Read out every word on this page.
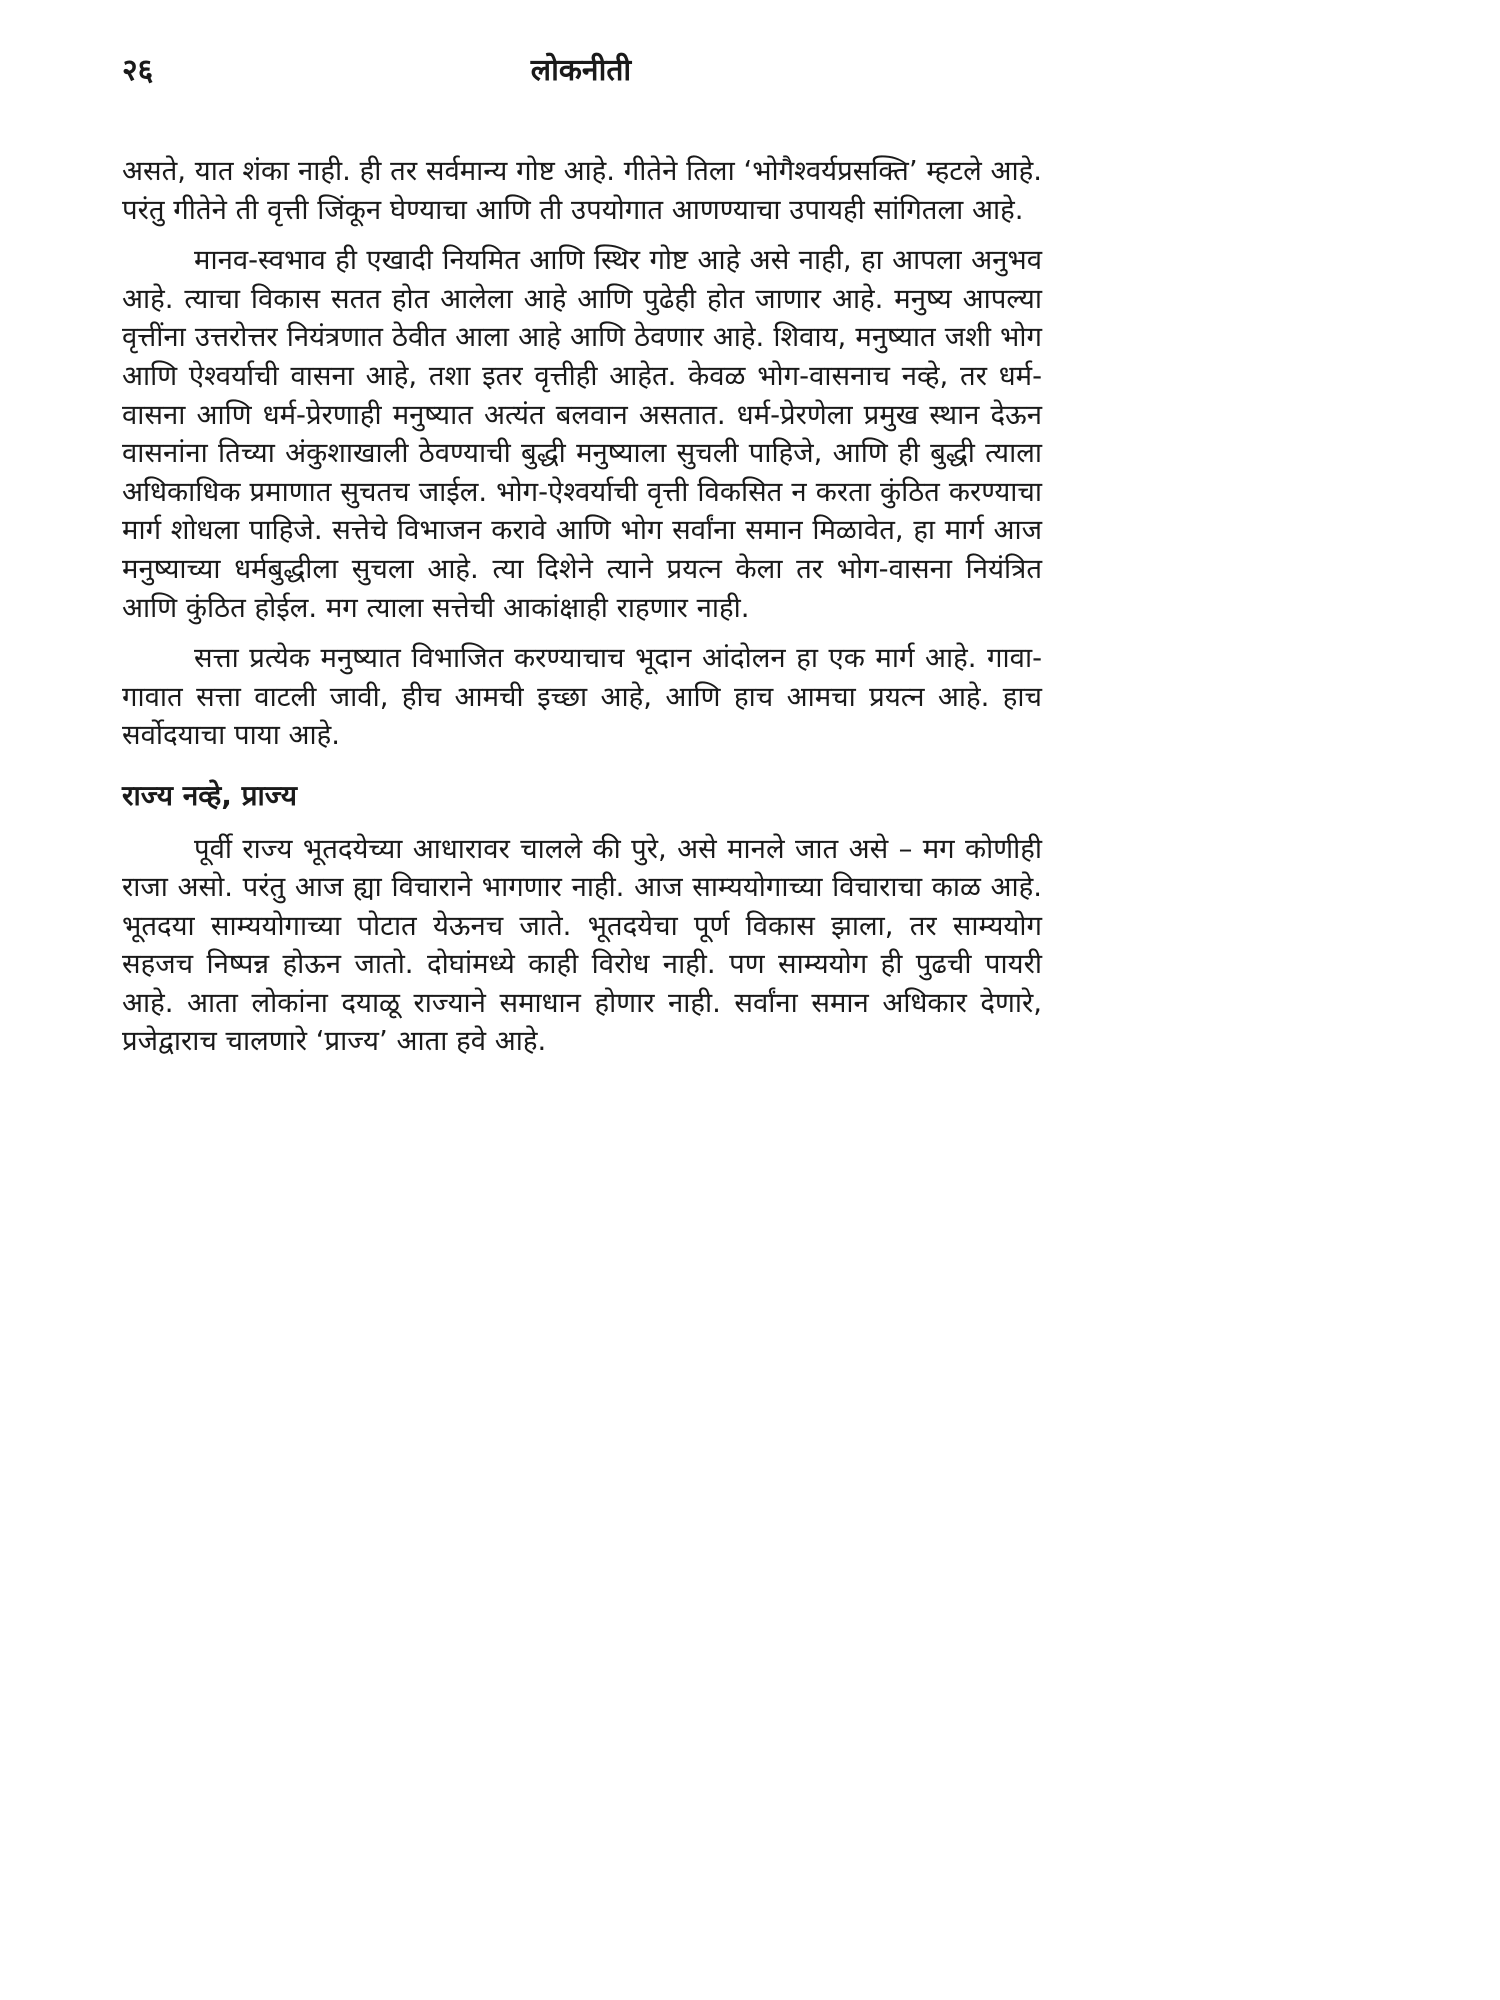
२६	लोकनीती

असते, यात शंका नाही. ही तर सर्वमान्य गोष्ट आहे. गीतेने तिला ‘भोगैश्वर्यप्रसक्ति’ म्हटले आहे. परंतु गीतेने ती वृत्ती जिंकून घेण्याचा आणि ती उपयोगात आणण्याचा उपायही सांगितला आहे.

मानव-स्वभाव ही एखादी नियमित आणि स्थिर गोष्ट आहे असे नाही, हा आपला अनुभव आहे. त्याचा विकास सतत होत आलेला आहे आणि पुढेही होत जाणार आहे. मनुष्य आपल्या वृत्तींना उत्तरोत्तर नियंत्रणात ठेवीत आला आहे आणि ठेवणार आहे. शिवाय, मनुष्यात जशी भोग आणि ऐश्वर्याची वासना आहे, तशा इतर वृत्तीही आहेत. केवळ भोग-वासनाच नव्हे, तर धर्म-वासना आणि धर्म-प्रेरणाही मनुष्यात अत्यंत बलवान असतात. धर्म-प्रेरणेला प्रमुख स्थान देऊन वासनांना तिच्या अंकुशाखाली ठेवण्याची बुद्धी मनुष्याला सुचली पाहिजे, आणि ही बुद्धी त्याला अधिकाधिक प्रमाणात सुचतच जाईल. भोग-ऐश्वर्याची वृत्ती विकसित न करता कुंठित करण्याचा मार्ग शोधला पाहिजे. सत्तेचे विभाजन करावे आणि भोग सर्वांना समान मिळावेत, हा मार्ग आज मनुष्याच्या धर्मबुद्धीला सुचला आहे. त्या दिशेने त्याने प्रयत्न केला तर भोग-वासना नियंत्रित आणि कुंठित होईल. मग त्याला सत्तेची आकांक्षाही राहणार नाही.

सत्ता प्रत्येक मनुष्यात विभाजित करण्याचाच भूदान आंदोलन हा एक मार्ग आहे. गावा-गावात सत्ता वाटली जावी, हीच आमची इच्छा आहे, आणि हाच आमचा प्रयत्न आहे. हाच सर्वोदयाचा पाया आहे.

राज्य नव्हे, प्राज्य

पूर्वी राज्य भूतदयेच्या आधारावर चालले की पुरे, असे मानले जात असे – मग कोणीही राजा असो. परंतु आज ह्या विचाराने भागणार नाही. आज साम्ययोगाच्या विचाराचा काळ आहे. भूतदया साम्ययोगाच्या पोटात येऊनच जाते. भूतदयेचा पूर्ण विकास झाला, तर साम्ययोग सहजच निष्पन्न होऊन जातो. दोघांमध्ये काही विरोध नाही. पण साम्ययोग ही पुढची पायरी आहे. आता लोकांना दयाळू राज्याने समाधान होणार नाही. सर्वांना समान अधिकार देणारे, प्रजेद्वाराच चालणारे ‘प्राज्य’ आता हवे आहे.
